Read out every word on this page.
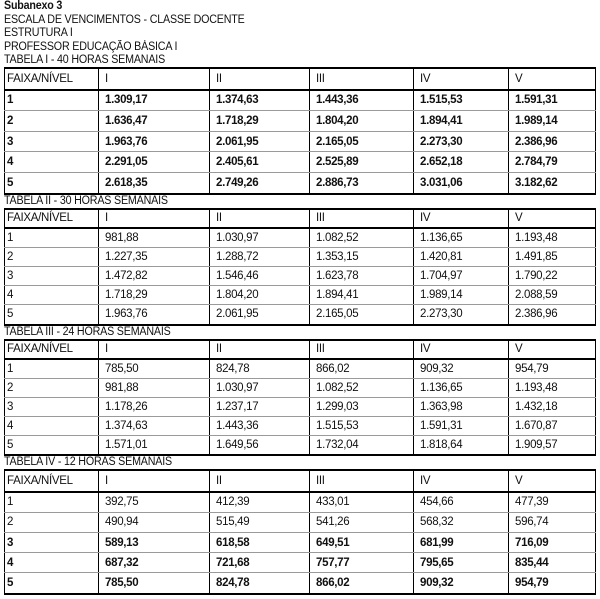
Subanexo 3
ESCALA DE VENCIMENTOS - CLASSE DOCENTE
ESTRUTURA I
PROFESSOR EDUCAÇÃO BÁSICA I
TABELA I - 40 HORAS SEMANAIS
FAIXA/NÍVEL	I	II	III	IV	V
1	1.309,17	1.374,63	1.443,36	1.515,53	1.591,31
2	1.636,47	1.718,29	1.804,20	1.894,41	1.989,14
3	1.963,76	2.061,95	2.165,05	2.273,30	2.386,96
4	2.291,05	2.405,61	2.525,89	2.652,18	2.784,79
5	2.618,35	2.749,26	2.886,73	3.031,06	3.182,62
TABELA II - 30 HORAS SEMANAIS
FAIXA/NÍVEL	I	II	III	IV	V
1	981,88	1.030,97	1.082,52	1.136,65	1.193,48
2	1.227,35	1.288,72	1.353,15	1.420,81	1.491,85
3	1.472,82	1.546,46	1.623,78	1.704,97	1.790,22
4	1.718,29	1.804,20	1.894,41	1.989,14	2.088,59
5	1.963,76	2.061,95	2.165,05	2.273,30	2.386,96
TABELA III - 24 HORAS SEMANAIS
FAIXA/NÍVEL	I	II	III	IV	V
1	785,50	824,78	866,02	909,32	954,79
2	981,88	1.030,97	1.082,52	1.136,65	1.193,48
3	1.178,26	1.237,17	1.299,03	1.363,98	1.432,18
4	1.374,63	1.443,36	1.515,53	1.591,31	1.670,87
5	1.571,01	1.649,56	1.732,04	1.818,64	1.909,57
TABELA IV - 12 HORAS SEMANAIS
FAIXA/NÍVEL	I	II	III	IV	V
1	392,75	412,39	433,01	454,66	477,39
2	490,94	515,49	541,26	568,32	596,74
3	589,13	618,58	649,51	681,99	716,09
4	687,32	721,68	757,77	795,65	835,44
5	785,50	824,78	866,02	909,32	954,79
